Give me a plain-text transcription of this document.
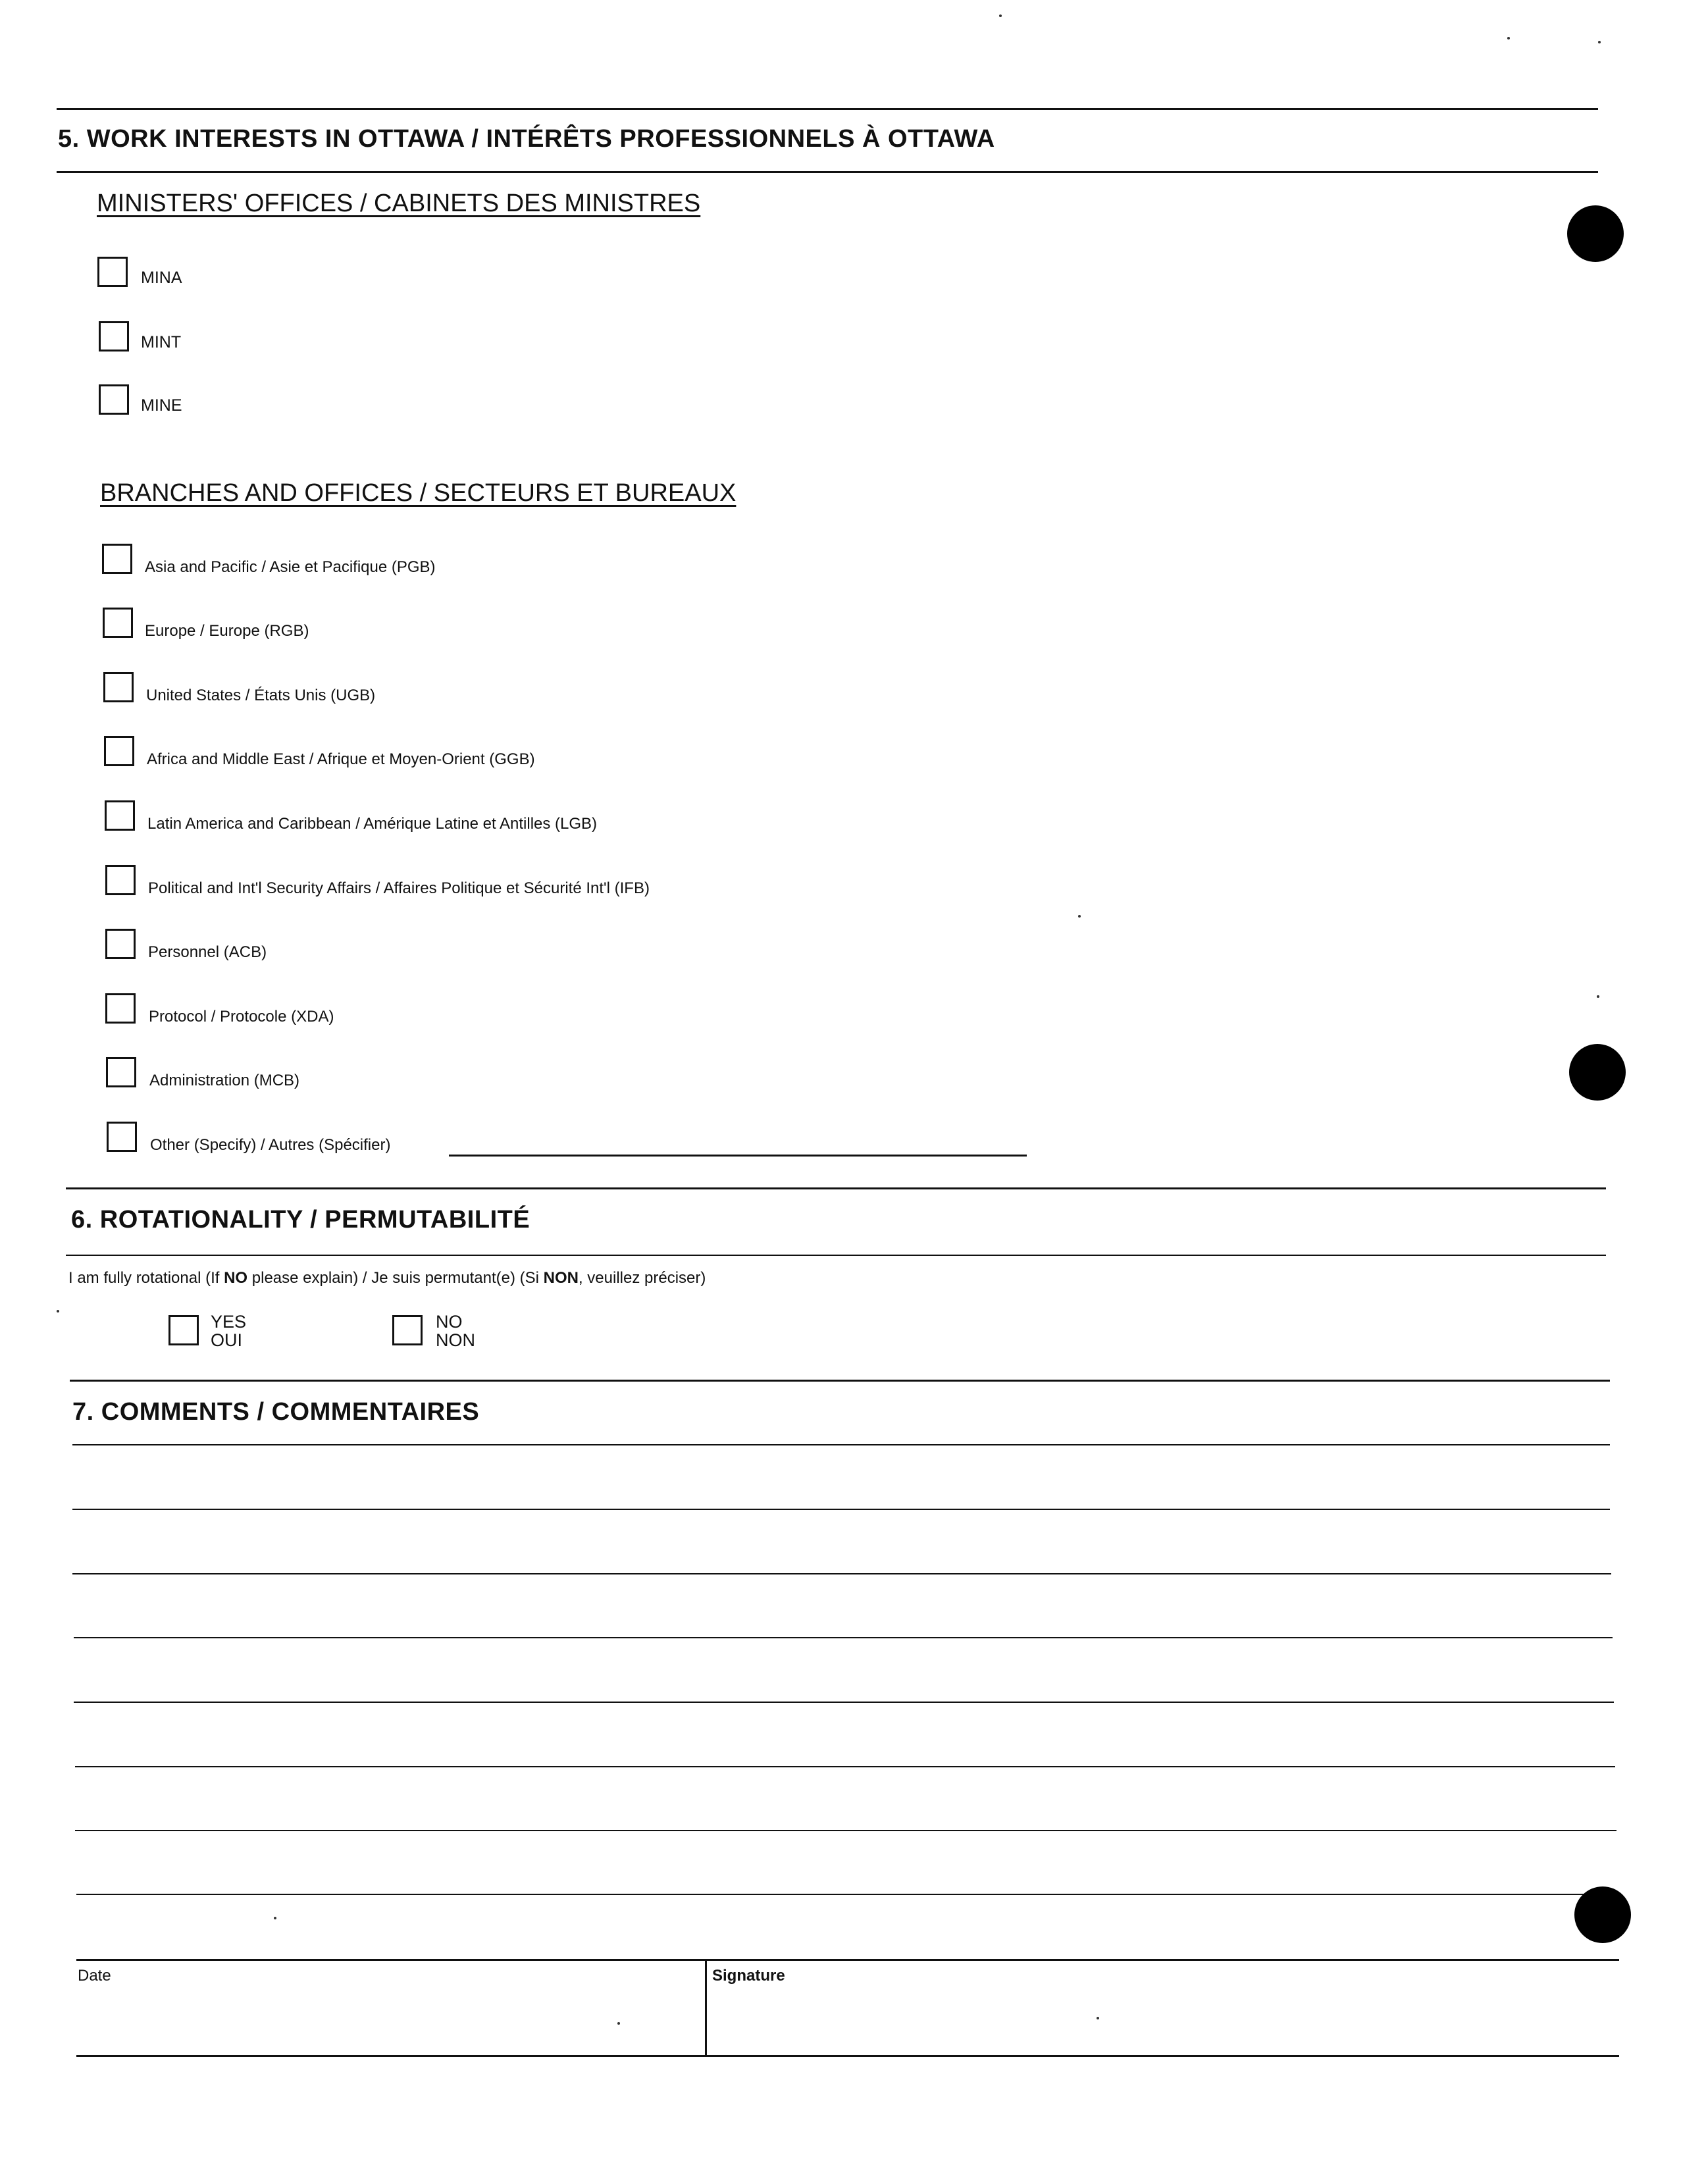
5. WORK INTERESTS IN OTTAWA / INTÉRÊTS PROFESSIONNELS À OTTAWA
MINISTERS' OFFICES / CABINETS DES MINISTRES
MINA
MINT
MINE
BRANCHES AND OFFICES / SECTEURS ET BUREAUX
Asia and Pacific / Asie et Pacifique (PGB)
Europe / Europe (RGB)
United States / États Unis (UGB)
Africa and Middle East / Afrique et Moyen-Orient (GGB)
Latin America and Caribbean / Amérique Latine et Antilles (LGB)
Political and Int'l Security Affairs / Affaires Politique et Sécurité Int'l (IFB)
Personnel (ACB)
Protocol / Protocole (XDA)
Administration (MCB)
Other (Specify) / Autres (Spécifier)
6. ROTATIONALITY / PERMUTABILITÉ
I am fully rotational (If NO please explain) / Je suis permutant(e) (Si NON, veuillez préciser)
YES
OUI
NO
NON
7. COMMENTS / COMMENTAIRES
Date	Signature
